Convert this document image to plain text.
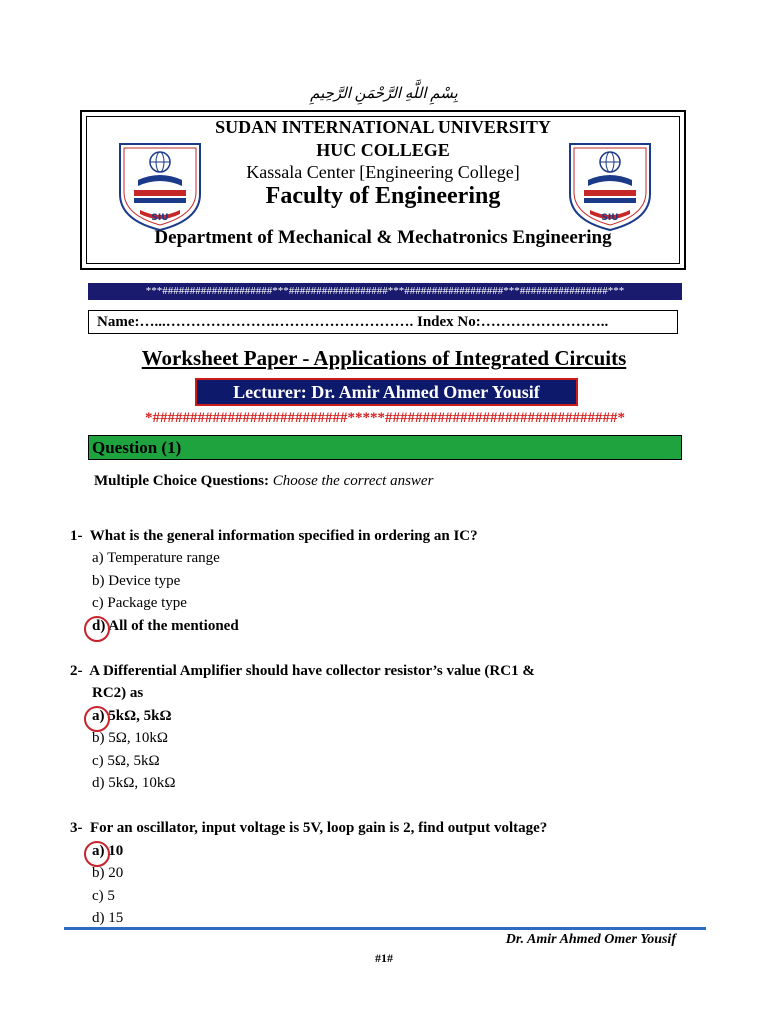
بِسْمِ اللَّهِ الرَّحْمَنِ الرَّحِيمِ
SIU	SIU
SUDAN INTERNATIONAL UNIVERSITY
HUC COLLEGE
Kassala Center [Engineering College]
Faculty of Engineering
Department of Mechanical & Mechatronics Engineering
***####################***##################***##################***################***
Name:…...………………….………………………. Index No:……………………..
Worksheet Paper - Applications of Integrated Circuits
Lecturer: Dr. Amir Ahmed Omer Yousif
*##########################*****###############################*
Question (1)
Multiple Choice Questions: Choose the correct answer
1- What is the general information specified in ordering an IC?
a) Temperature range
b) Device type
c) Package type
d) All of the mentioned
2- A Differential Amplifier should have collector resistor’s value (RC1 &
RC2) as
a) 5kΩ, 5kΩ
b) 5Ω, 10kΩ
c) 5Ω, 5kΩ
d) 5kΩ, 10kΩ
3- For an oscillator, input voltage is 5V, loop gain is 2, find output voltage?
a) 10
b) 20
c) 5
d) 15
Dr. Amir Ahmed Omer Yousif
#1#
